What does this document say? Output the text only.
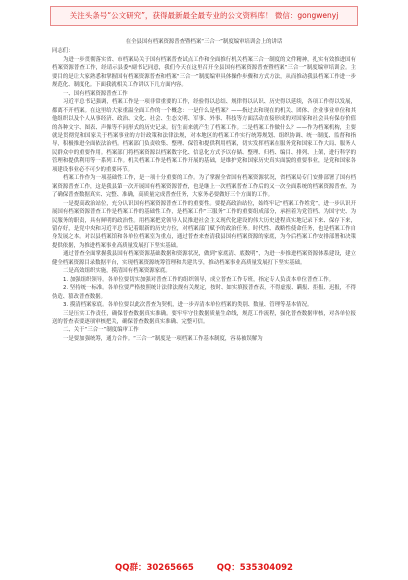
关注头条号“公文研究”，获得最新最全最专业的公文资料库！ 微信：gongwenyj
在全县国有档案资源普查暨档案“三合一”制度编审培训会上的讲话
同志们：

为进一步贯彻落实省、市档案局关于国有档案普查试点工作和全面推行机关档案三合一制度的文件精神，扎实有效推进国有档案资源普查工作，经请示县委*副书记同意，我们今天在这里召开全县国有档案资源普查暨档案“三合一”制度编审培训会。主要目的是让大家熟悉和掌握国有档案资源普查和档案“三合一”制度编审具体操作步骤和方式方法，从而推动我县档案工作进一步规范化、制度化。下面我就相关工作讲以下几方面内容。

一、国有档案资源普查工作

习近平总书记强调，档案工作是一项非常重要的工作，经验得以总结、规律得以认识、历史得以延续，各项工作得以发展，都离不开档案。在这里给大家重温全面工作的一个概念：一是什么是档案？——指过去和现在的机关、团体、企业事业单位和其他组织以及个人从事经济、政治、文化、社会、生态文明、军事、外事、科技等方面活动直接形成的对国家和社会具有保存价值的各种文字、图表、声像等不同形式的历史记录。衍生而来就产生了档案工作。二是档案工作做什么？——作为档案机构，主要就是贯彻党和国家关于档案事业的方针政策和法律法规，对本地区的档案工作实行统筹规划、组织协调、统一制度、监督和指导，积极推进全面依法治档。档案部门负责收集、整理、保管和提供利用档案，切实发挥档案在服务党和国家工作大局、服务人民群众中的重要作用。档案部门将档案资源以档案数字化、信息化方式予以存储、整理、归档、编目、排列、上架，进行科学的管理和提供利用等一系列工作。机关档案工作是档案工作开展的基础，是维护党和国家历史真实面貌的重要事业，是党和国家各项建设事业必不可少的重要环节。

档案工作作为一项基础性工作，是一项十分重要的工作。为了掌握全省国有档案资源状况，省档案局专门安排部署了国有档案资源普查工作，这是我县第一次开展国有档案资源普查，也是继上一次档案普查工作后的又一次全面系统的档案资源普查，为了确保普查数据真实、完整、准确，高质量完成普查任务，大家务必要做好三个方面的工作。

一是提高政治站位，充分认识国有档案资源普查工作的重要性。要提高政治站位，始终牢记“档案工作姓党”，进一步认识开展国有档案资源普查工作是档案工作的基础性工作，是档案工作“三服务”工作的重要组成部分，承担着为党管档、为国守史、为民服务的职责，具有鲜明的政治性。用档案把党领导人民推进社会主义现代化建设的伟大历史进程真实地记录下来、保存下来，留存好，是党中央和习近平总书记着眼新的历史方位，对档案部门赋予的政治任务。时代性、战略性使命任务，也是档案工作自身发展之本。对以县档案馆和各单位档案室为重点，通过普查来查清我县国有档案资源的家底，为今后档案工作安排部署和决策提供依据，为推进档案事业高质量发展打下坚实基础。

通过普查全面掌握我县国有档案资源基础数据和资源状况，做到“家底清、底数明”，为进一步推进档案资源体系建设，建立健全档案资源目录数据平台，实现档案资源统筹管理和共建共享，推动档案事业高质量发展打下坚实基础。

二是高效组织实施，摸清国有档案资源家底。

1. 加强组织领导。各单位要切实加强对普查工作的组织领导，成立普查工作专班，指定专人负责本单位普查工作。

2. 坚持统一标准。各单位要严格按照统计法律法规有关规定，按时、如实填报普查表，不得虚报、瞒报、拒报、迟报，不得伪造、篡改普查数据。

3. 摸清档案家底。各单位要以此次普查为契机，进一步弄清本单位档案的类别、数量、管理等基本情况。

三是压实工作责任，确保普查数据真实准确。要牢牢守住数据质量生命线，规范工作流程，强化普查数据审核，对各单位报送的普查表要逐项审核把关，确保普查数据真实准确、完整可信。

二、关于“三合一”制度编审工作

一是要加强统筹，通力合作。“三合一”制度是一项档案工作基本制度，容易被误解为

QQ群：30265665	QQ：535304092
